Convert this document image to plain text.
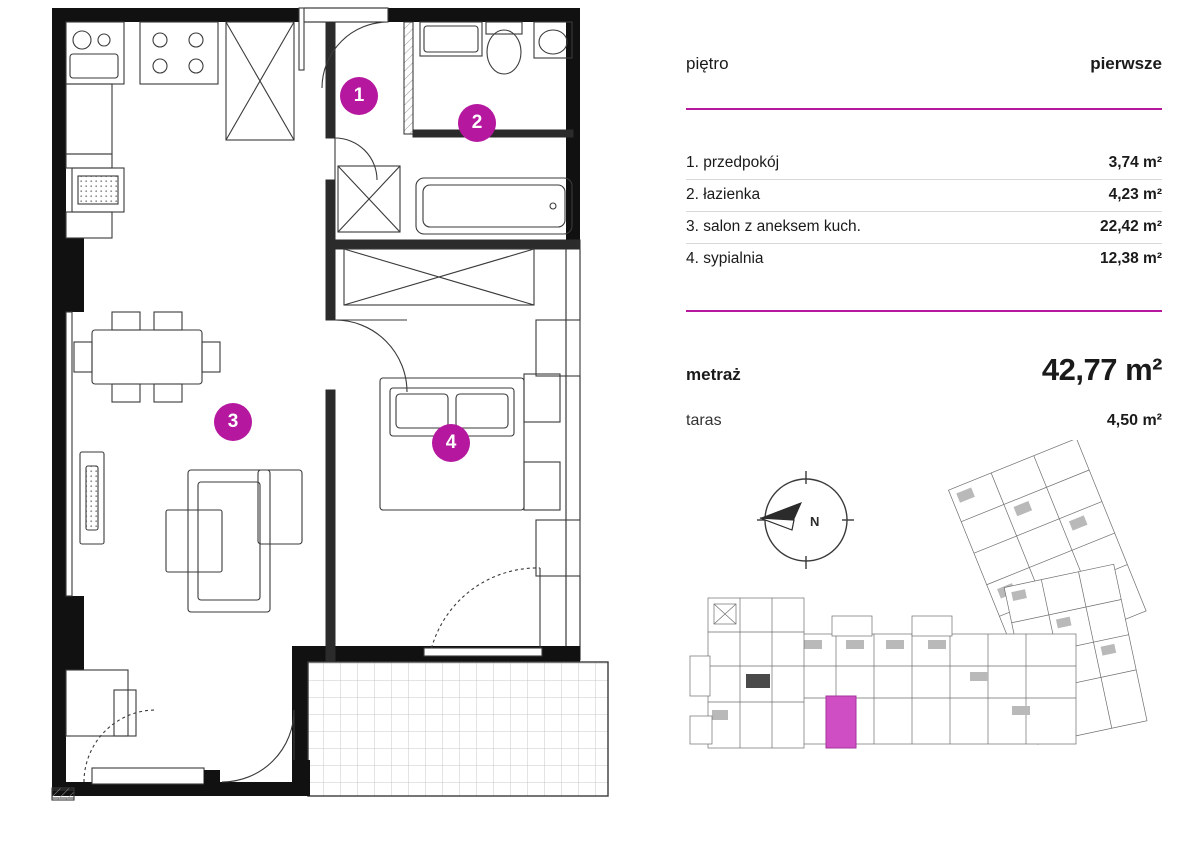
1
2
3
4
piętro	pierwsze
1. przedpokój	3,74 m²
2. łazienka	4,23 m²
3. salon z aneksem kuch.	22,42 m²
4. sypialnia	12,38 m²
metraż	42,77 m²
taras	4,50 m²
N
